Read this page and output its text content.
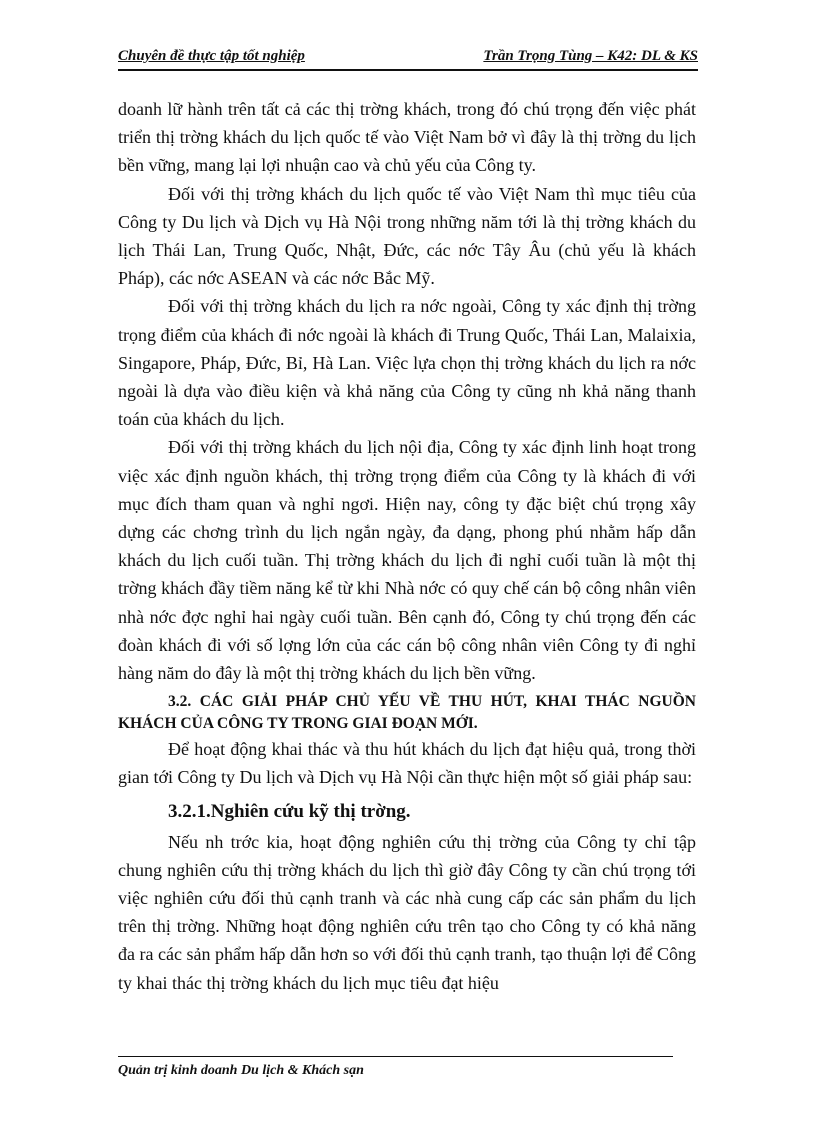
Chuyên đề thực tập tốt nghiệp	Trần Trọng Tùng – K42: DL & KS

doanh lữ hành trên tất cả các thị trờng khách, trong đó chú trọng đến việc phát triển thị trờng khách du lịch quốc tế vào Việt Nam bở vì đây là thị trờng du lịch bền vững, mang lại lợi nhuận cao và chủ yếu của Công ty.

Đối với thị trờng khách du lịch quốc tế vào Việt Nam thì mục tiêu của Công ty Du lịch và Dịch vụ Hà Nội trong những năm tới là thị trờng khách du lịch Thái Lan, Trung Quốc, Nhật, Đức, các nớc Tây Âu (chủ yếu là khách Pháp), các nớc ASEAN và các nớc Bắc Mỹ.

Đối với thị trờng khách du lịch ra nớc ngoài, Công ty xác định thị trờng trọng điểm của khách đi nớc ngoài là khách đi Trung Quốc, Thái Lan, Malaixia, Singapore, Pháp, Đức, Bỉ, Hà Lan. Việc lựa chọn thị trờng khách du lịch ra nớc ngoài là dựa vào điều kiện và khả năng của Công ty cũng nh khả năng thanh toán của khách du lịch.

Đối với thị trờng khách du lịch nội địa, Công ty xác định linh hoạt trong việc xác định nguồn khách, thị trờng trọng điểm của Công ty là khách đi với mục đích tham quan và nghỉ ngơi. Hiện nay, công ty đặc biệt chú trọng xây dựng các chơng trình du lịch ngắn ngày, đa dạng, phong phú nhằm hấp dẫn khách du lịch cuối tuần. Thị trờng khách du lịch đi nghỉ cuối tuần là một thị trờng khách đầy tiềm năng kể từ khi Nhà nớc có quy chế cán bộ công nhân viên nhà nớc đợc nghỉ hai ngày cuối tuần. Bên cạnh đó, Công ty chú trọng đến các đoàn khách đi với số lợng lớn của các cán bộ công nhân viên Công ty đi nghỉ hàng năm do đây là một thị trờng khách du lịch bền vững.

3.2. CÁC GIẢI PHÁP CHỦ YẾU VỀ THU HÚT, KHAI THÁC NGUỒN KHÁCH CỦA CÔNG TY TRONG GIAI ĐOẠN MỚI.

Để hoạt động khai thác và thu hút khách du lịch đạt hiệu quả, trong thời gian tới Công ty Du lịch và Dịch vụ Hà Nội cần thực hiện một số giải pháp sau:

3.2.1.Nghiên cứu kỹ thị trờng.

Nếu nh trớc kia, hoạt động nghiên cứu thị trờng của Công ty chỉ tập chung nghiên cứu thị trờng khách du lịch thì giờ đây Công ty cần chú trọng tới việc nghiên cứu đối thủ cạnh tranh và các nhà cung cấp các sản phẩm du lịch trên thị trờng. Những hoạt động nghiên cứu trên tạo cho Công ty có khả năng đa ra các sản phẩm hấp dẫn hơn so với đối thủ cạnh tranh, tạo thuận lợi để Công ty khai thác thị trờng khách du lịch mục tiêu đạt hiệu

Quản trị kinh doanh Du lịch & Khách sạn
